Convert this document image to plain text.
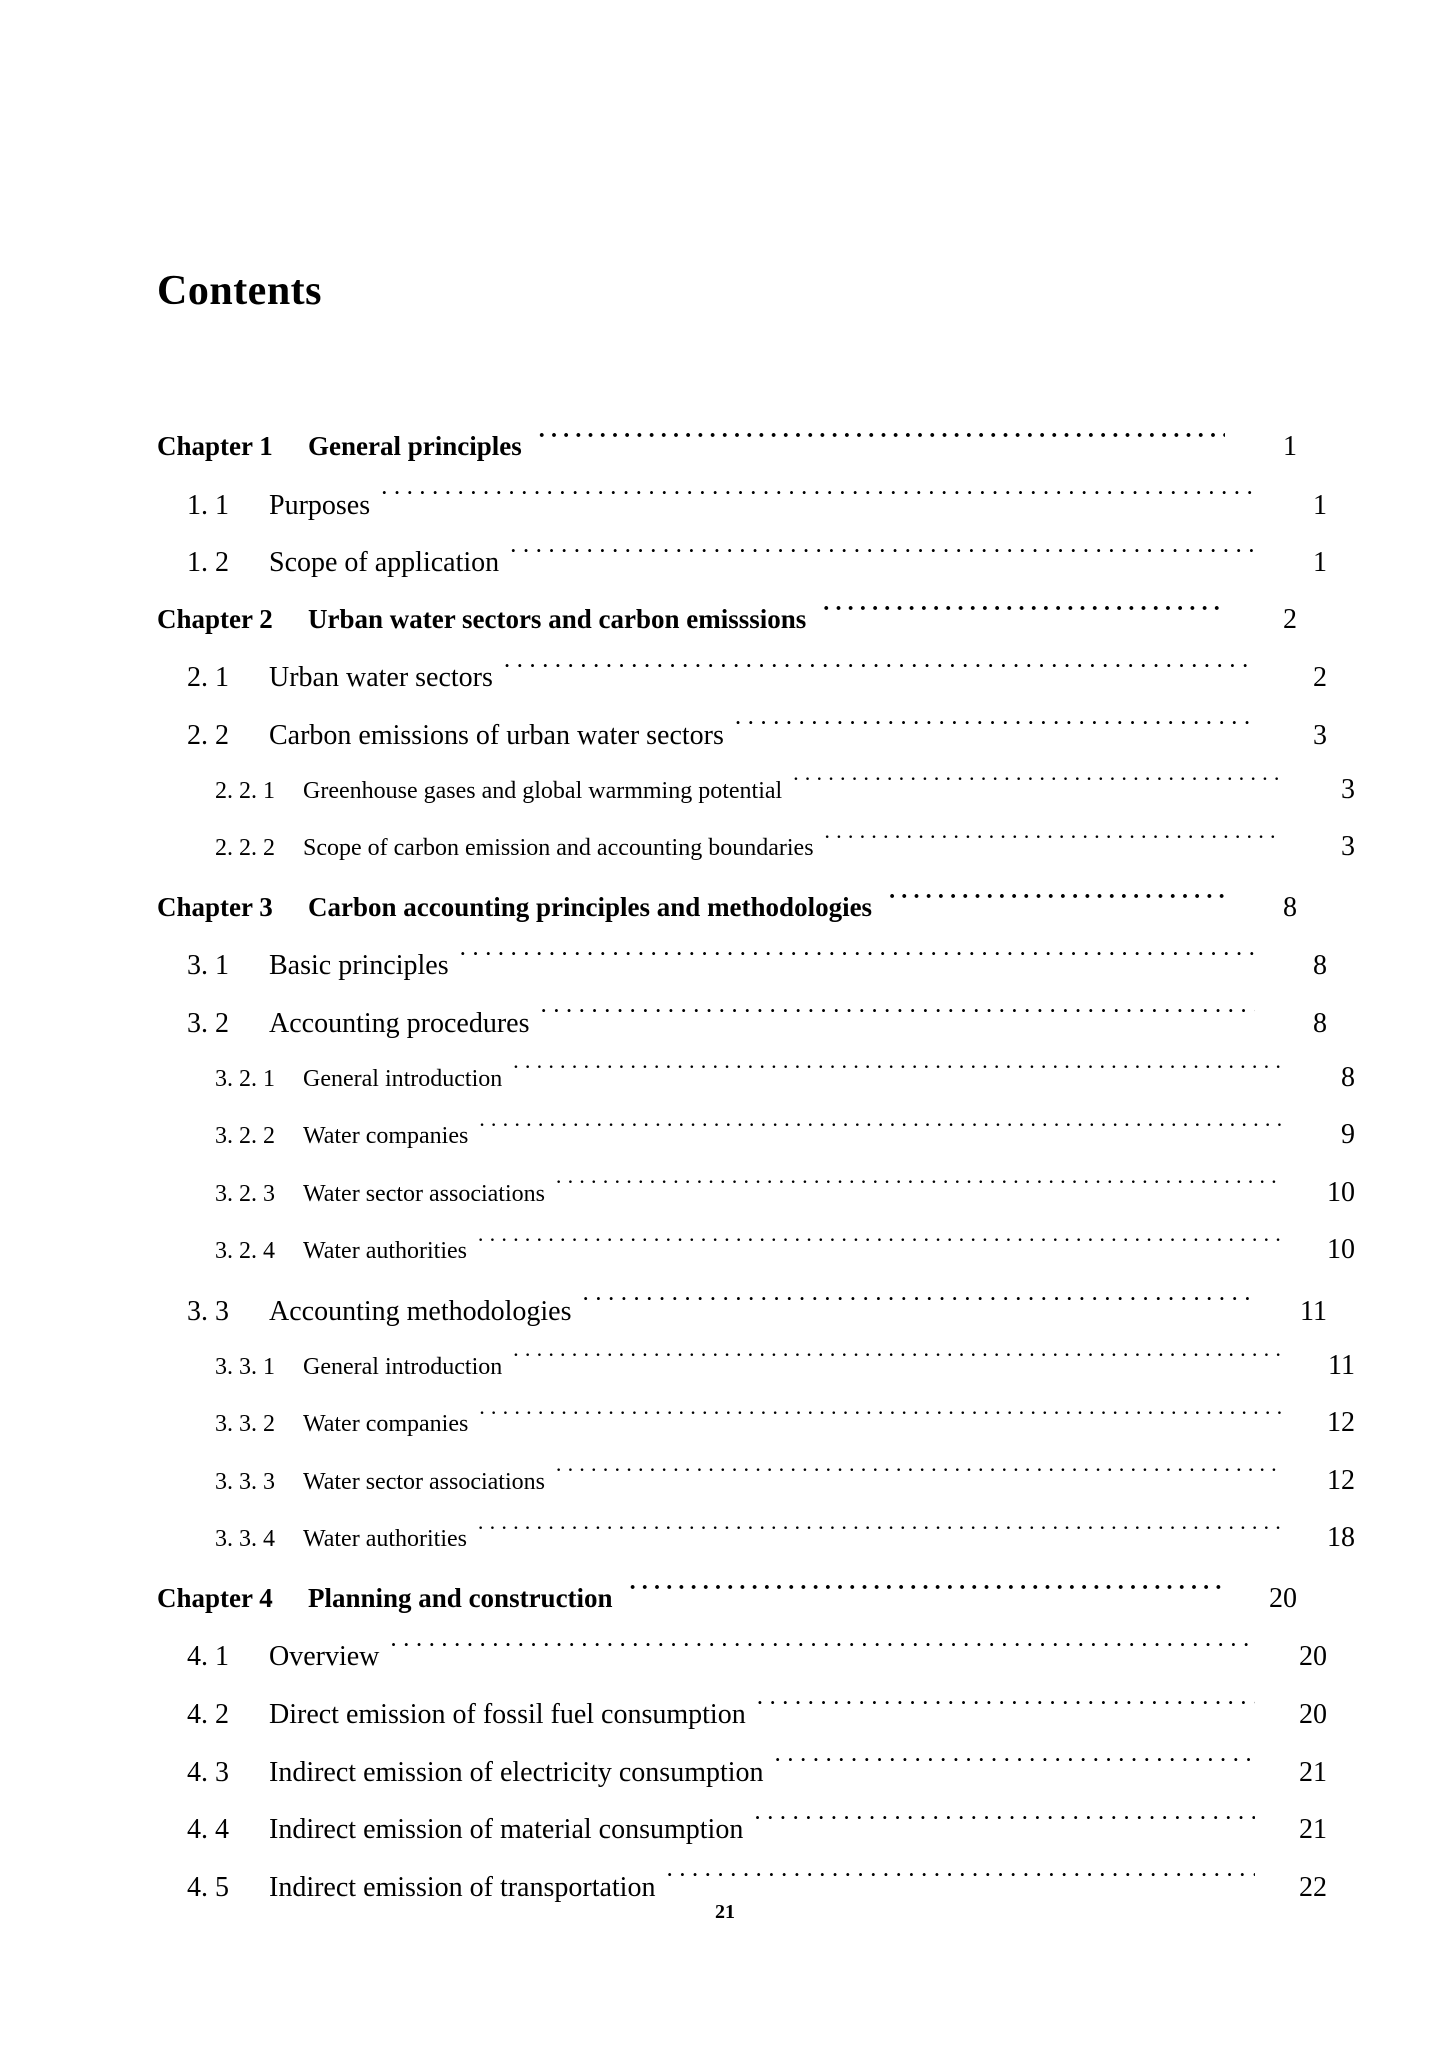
Contents
Chapter 1	General principles ·····	1
1. 1	Purposes ·····	1
1. 2	Scope of application ·····	1
Chapter 2	Urban water sectors and carbon emisssions ·····	2
2. 1	Urban water sectors ·····	2
2. 2	Carbon emissions of urban water sectors ·····	3
2. 2. 1	Greenhouse gases and global warmming potential ·····	3
2. 2. 2	Scope of carbon emission and accounting boundaries ·····	3
Chapter 3	Carbon accounting principles and methodologies ·····	8
3. 1	Basic principles ·····	8
3. 2	Accounting procedures ·····	8
3. 2. 1	General introduction ·····	8
3. 2. 2	Water companies ·····	9
3. 2. 3	Water sector associations ·····	10
3. 2. 4	Water authorities ·····	10
3. 3	Accounting methodologies ·····	11
3. 3. 1	General introduction ·····	11
3. 3. 2	Water companies ·····	12
3. 3. 3	Water sector associations ·····	12
3. 3. 4	Water authorities ·····	18
Chapter 4	Planning and construction ·····	20
4. 1	Overview ·····	20
4. 2	Direct emission of fossil fuel consumption ·····	20
4. 3	Indirect emission of electricity consumption ·····	21
4. 4	Indirect emission of material consumption ·····	21
4. 5	Indirect emission of transportation ·····	22
21
